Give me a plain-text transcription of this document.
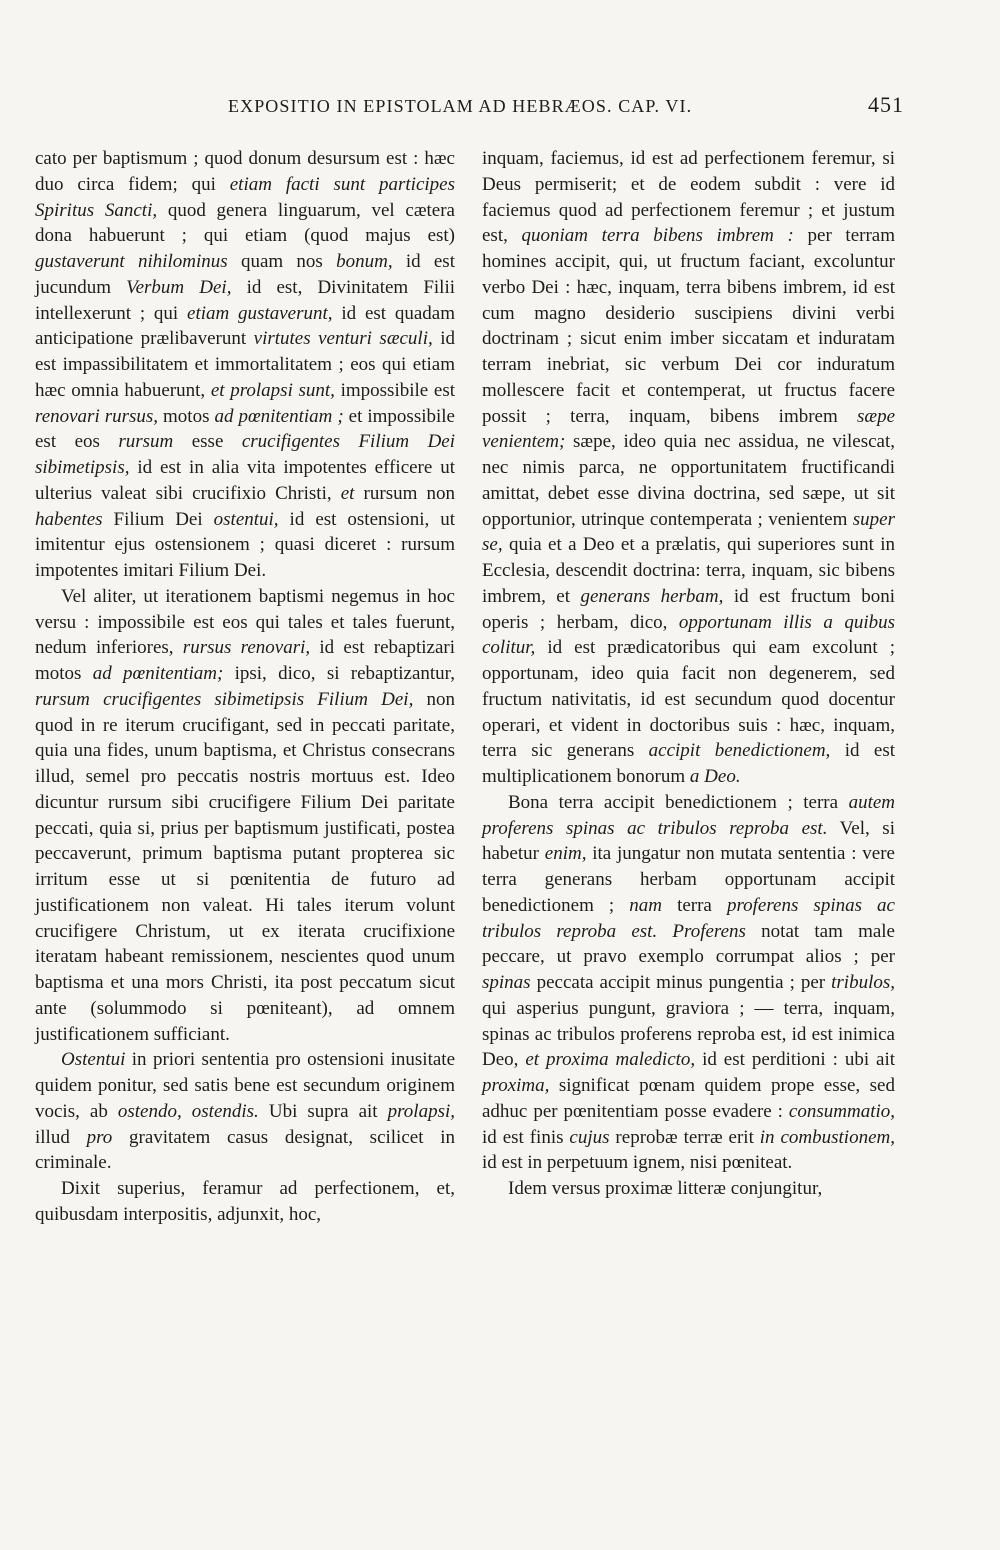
EXPOSITIO IN EPISTOLAM AD HEBRÆOS. CAP. VI.	451

cato per baptismum ; quod donum desursum est : hæc duo circa fidem; qui etiam facti sunt participes Spiritus Sancti, quod genera linguarum, vel cætera dona habuerunt ; qui etiam (quod majus est) gustaverunt nihilominus quam nos bonum, id est jucundum Verbum Dei, id est, Divinitatem Filii intellexerunt ; qui etiam gustaverunt, id est quadam anticipatione prælibaverunt virtutes venturi sæculi, id est impassibilitatem et immortalitatem ; eos qui etiam hæc omnia habuerunt, et prolapsi sunt, impossibile est renovari rursus, motos ad pœnitentiam ; et impossibile est eos rursum esse crucifigentes Filium Dei sibimetipsis, id est in alia vita impotentes efficere ut ulterius valeat sibi crucifixio Christi, et rursum non habentes Filium Dei ostentui, id est ostensioni, ut imitentur ejus ostensionem ; quasi diceret : rursum impotentes imitari Filium Dei.

Vel aliter, ut iterationem baptismi negemus in hoc versu : impossibile est eos qui tales et tales fuerunt, nedum inferiores, rursus renovari, id est rebaptizari motos ad pœnitentiam; ipsi, dico, si rebaptizantur, rursum crucifigentes sibimetipsis Filium Dei, non quod in re iterum crucifigant, sed in peccati paritate, quia una fides, unum baptisma, et Christus consecrans illud, semel pro peccatis nostris mortuus est. Ideo dicuntur rursum sibi crucifigere Filium Dei paritate peccati, quia si, prius per baptismum justificati, postea peccaverunt, primum baptisma putant propterea sic irritum esse ut si pœnitentia de futuro ad justificationem non valeat. Hi tales iterum volunt crucifigere Christum, ut ex iterata crucifixione iteratam habeant remissionem, nescientes quod unum baptisma et una mors Christi, ita post peccatum sicut ante (solummodo si pœniteant), ad omnem justificationem sufficiant.

Ostentui in priori sententia pro ostensioni inusitate quidem ponitur, sed satis bene est secundum originem vocis, ab ostendo, ostendis. Ubi supra ait prolapsi, illud pro gravitatem casus designat, scilicet in criminale.

Dixit superius, feramur ad perfectionem, et, quibusdam interpositis, adjunxit, hoc,

inquam, faciemus, id est ad perfectionem feremur, si Deus permiserit; et de eodem subdit : vere id faciemus quod ad perfectionem feremur ; et justum est, quoniam terra bibens imbrem : per terram homines accipit, qui, ut fructum faciant, excoluntur verbo Dei : hæc, inquam, terra bibens imbrem, id est cum magno desiderio suscipiens divini verbi doctrinam ; sicut enim imber siccatam et induratam terram inebriat, sic verbum Dei cor induratum mollescere facit et contemperat, ut fructus facere possit ; terra, inquam, bibens imbrem sæpe venientem; sæpe, ideo quia nec assidua, ne vilescat, nec nimis parca, ne opportunitatem fructificandi amittat, debet esse divina doctrina, sed sæpe, ut sit opportunior, utrinque contemperata ; venientem super se, quia et a Deo et a prælatis, qui superiores sunt in Ecclesia, descendit doctrina: terra, inquam, sic bibens imbrem, et generans herbam, id est fructum boni operis ; herbam, dico, opportunam illis a quibus colitur, id est prædicatoribus qui eam excolunt ; opportunam, ideo quia facit non degenerem, sed fructum nativitatis, id est secundum quod docentur operari, et vident in doctoribus suis : hæc, inquam, terra sic generans accipit benedictionem, id est multiplicationem bonorum a Deo.

Bona terra accipit benedictionem ; terra autem proferens spinas ac tribulos reproba est. Vel, si habetur enim, ita jungatur non mutata sententia : vere terra generans herbam opportunam accipit benedictionem ; nam terra proferens spinas ac tribulos reproba est. Proferens notat tam male peccare, ut pravo exemplo corrumpat alios ; per spinas peccata accipit minus pungentia ; per tribulos, qui asperius pungunt, graviora ; — terra, inquam, spinas ac tribulos proferens reproba est, id est inimica Deo, et proxima maledicto, id est perditioni : ubi ait proxima, significat pœnam quidem prope esse, sed adhuc per pœnitentiam posse evadere : consummatio, id est finis cujus reprobæ terræ erit in combustionem, id est in perpetuum ignem, nisi pœniteat.

Idem versus proximæ litteræ conjungitur,
